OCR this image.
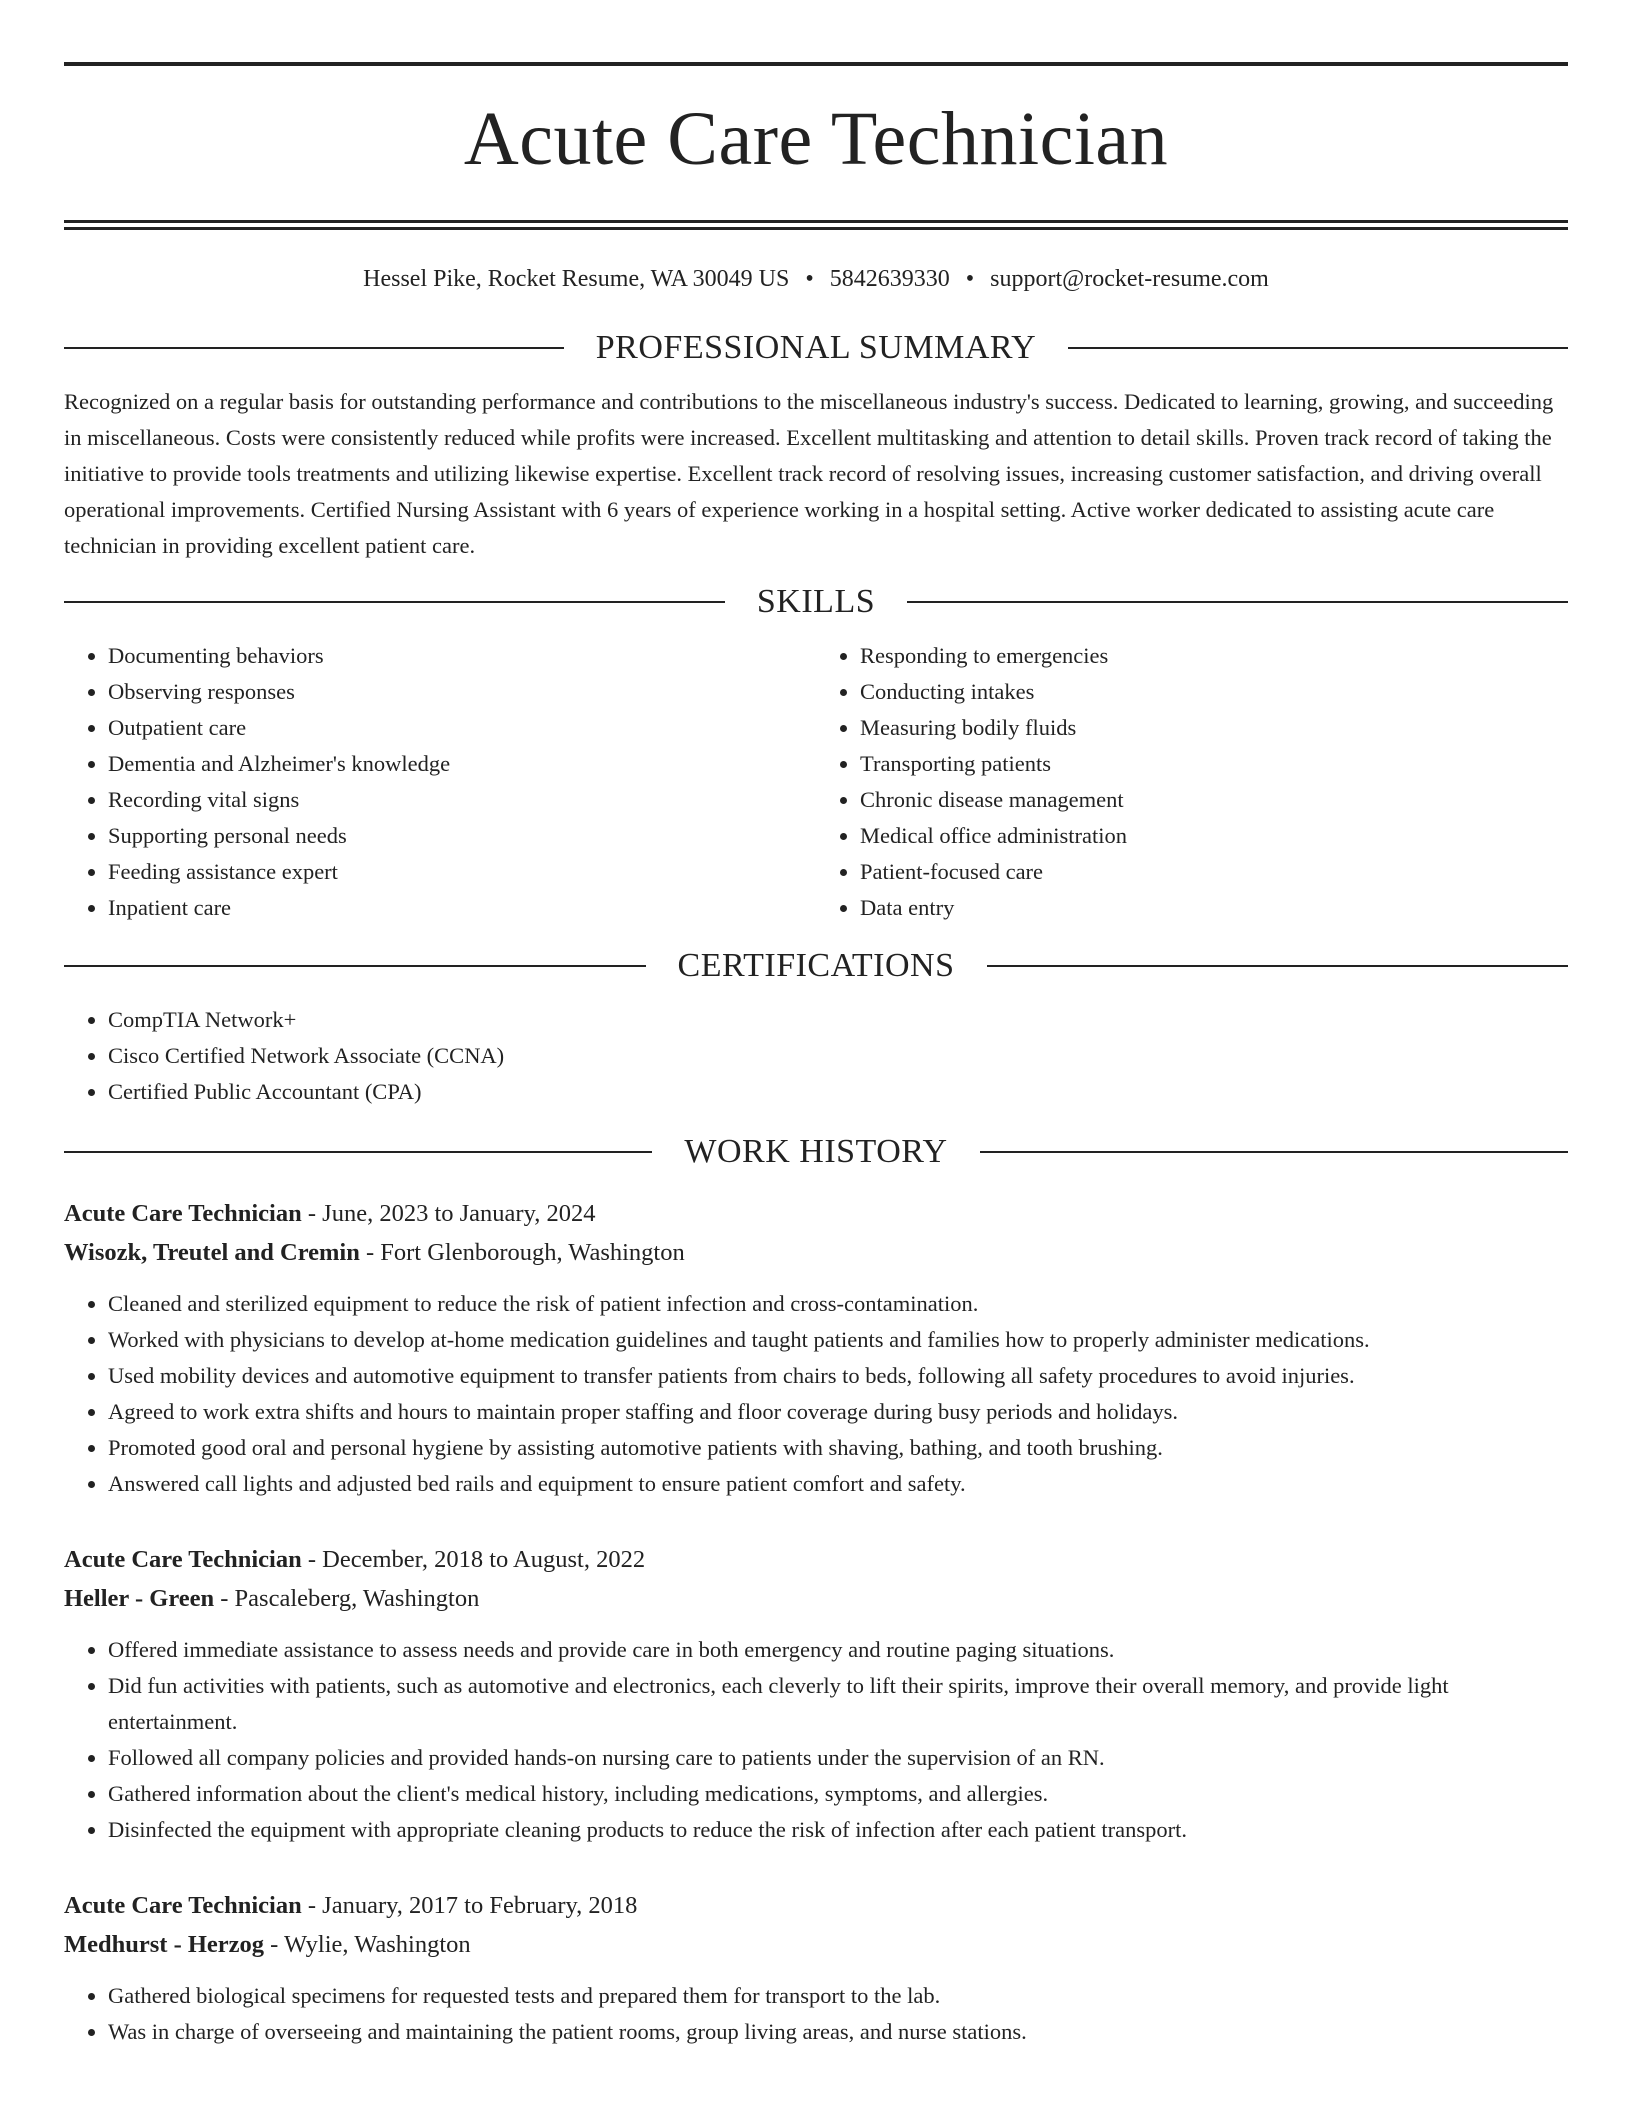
Acute Care Technician
Hessel Pike, Rocket Resume, WA 30049 US • 5842639330 • support@rocket-resume.com
PROFESSIONAL SUMMARY

Recognized on a regular basis for outstanding performance and contributions to the miscellaneous industry's success. Dedicated to learning, growing, and succeeding in miscellaneous. Costs were consistently reduced while profits were increased. Excellent multitasking and attention to detail skills. Proven track record of taking the initiative to provide tools treatments and utilizing likewise expertise. Excellent track record of resolving issues, increasing customer satisfaction, and driving overall operational improvements. Certified Nursing Assistant with 6 years of experience working in a hospital setting. Active worker dedicated to assisting acute care technician in providing excellent patient care.

SKILLS
• Documenting behaviors
• Observing responses
• Outpatient care
• Dementia and Alzheimer's knowledge
• Recording vital signs
• Supporting personal needs
• Feeding assistance expert
• Inpatient care
• Responding to emergencies
• Conducting intakes
• Measuring bodily fluids
• Transporting patients
• Chronic disease management
• Medical office administration
• Patient-focused care
• Data entry
CERTIFICATIONS
• CompTIA Network+
• Cisco Certified Network Associate (CCNA)
• Certified Public Accountant (CPA)
WORK HISTORY
Acute Care Technician - June, 2023 to January, 2024
Wisozk, Treutel and Cremin - Fort Glenborough, Washington
• Cleaned and sterilized equipment to reduce the risk of patient infection and cross-contamination.
• Worked with physicians to develop at-home medication guidelines and taught patients and families how to properly administer medications.
• Used mobility devices and automotive equipment to transfer patients from chairs to beds, following all safety procedures to avoid injuries.
• Agreed to work extra shifts and hours to maintain proper staffing and floor coverage during busy periods and holidays.
• Promoted good oral and personal hygiene by assisting automotive patients with shaving, bathing, and tooth brushing.
• Answered call lights and adjusted bed rails and equipment to ensure patient comfort and safety.
Acute Care Technician - December, 2018 to August, 2022
Heller - Green - Pascaleberg, Washington
• Offered immediate assistance to assess needs and provide care in both emergency and routine paging situations.
• Did fun activities with patients, such as automotive and electronics, each cleverly to lift their spirits, improve their overall memory, and provide light entertainment.
• Followed all company policies and provided hands-on nursing care to patients under the supervision of an RN.
• Gathered information about the client's medical history, including medications, symptoms, and allergies.
• Disinfected the equipment with appropriate cleaning products to reduce the risk of infection after each patient transport.
Acute Care Technician - January, 2017 to February, 2018
Medhurst - Herzog - Wylie, Washington
• Gathered biological specimens for requested tests and prepared them for transport to the lab.
• Was in charge of overseeing and maintaining the patient rooms, group living areas, and nurse stations.
